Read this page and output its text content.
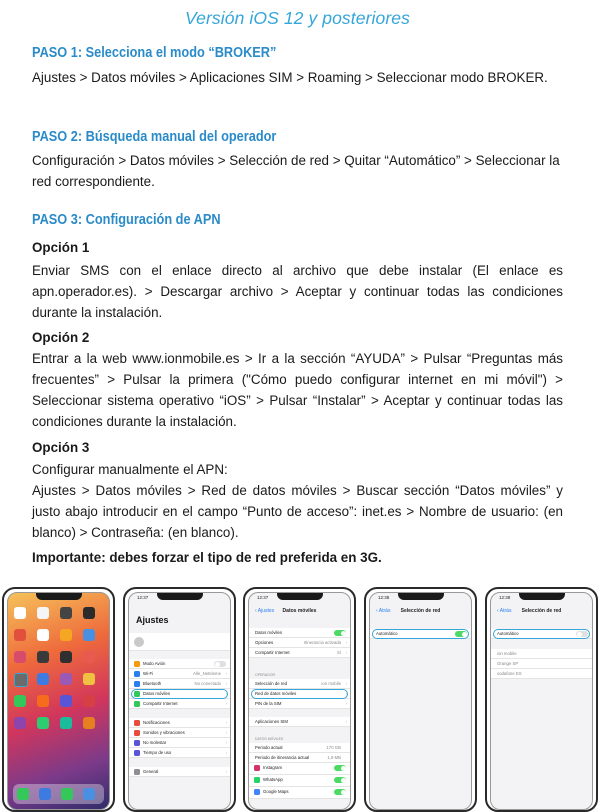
Versión iOS 12 y posteriores
PASO 1: Selecciona el modo “BROKER”
Ajustes > Datos móviles > Aplicaciones SIM > Roaming > Seleccionar modo BROKER.
PASO 2: Búsqueda manual del operador
Configuración > Datos móviles > Selección de red > Quitar “Automático” > Seleccionar la red correspondiente.
PASO 3: Configuración de APN
Opción 1
Enviar SMS con el enlace directo al archivo que debe instalar (El enlace es apn.operador.es). > Descargar archivo > Aceptar y continuar todas las condiciones durante la instalación.
Opción 2
Entrar a la web www.ionmobile.es > Ir a la sección “AYUDA” > Pulsar “Preguntas más frecuentes” > Pulsar la primera ("Cómo puedo configurar internet en mi móvil") > Seleccionar sistema operativo “iOS” > Pulsar “Instalar” > Aceptar y continuar todas las condiciones durante la instalación.
Opción 3
Configurar manualmente el APN:
Ajustes > Datos móviles > Red de datos móviles > Buscar sección “Datos móviles” y justo abajo introducir en el campo “Punto de acceso”: inet.es > Nombre de usuario: (en blanco) > Contraseña: (en blanco).
Importante: debes forzar el tipo de red preferida en 3G.
12:37
Ajustes
Modo Avión
Wi-Fi	Alle_Neteleme ›
Bluetooth	No conectado ›
Datos móviles	›
Compartir Internet	›
Notificaciones	›
Sonidos y vibraciones	›
No molestar	›
Tiempo de uso	›
General	›
12:37
‹ Ajustes	Datos móviles
Datos móviles
Opciones	Itinerancia activada ›
Compartir Internet	Sí ›
OPERADOR
Selección de red	ion mobile ›
Red de datos móviles	›
PIN de la SIM	›
Aplicaciones SIM	›
DATOS MÓVILES
Periodo actual	170 GB
Periodo de itinerancia actual	1,8 MB
Instagram
WhatsApp
Google Maps
12:38
‹ Atrás	Selección de red
Automático
12:38
‹ Atrás	Selección de red
Automático
ion mobile
Orange SP
vodafone ES
